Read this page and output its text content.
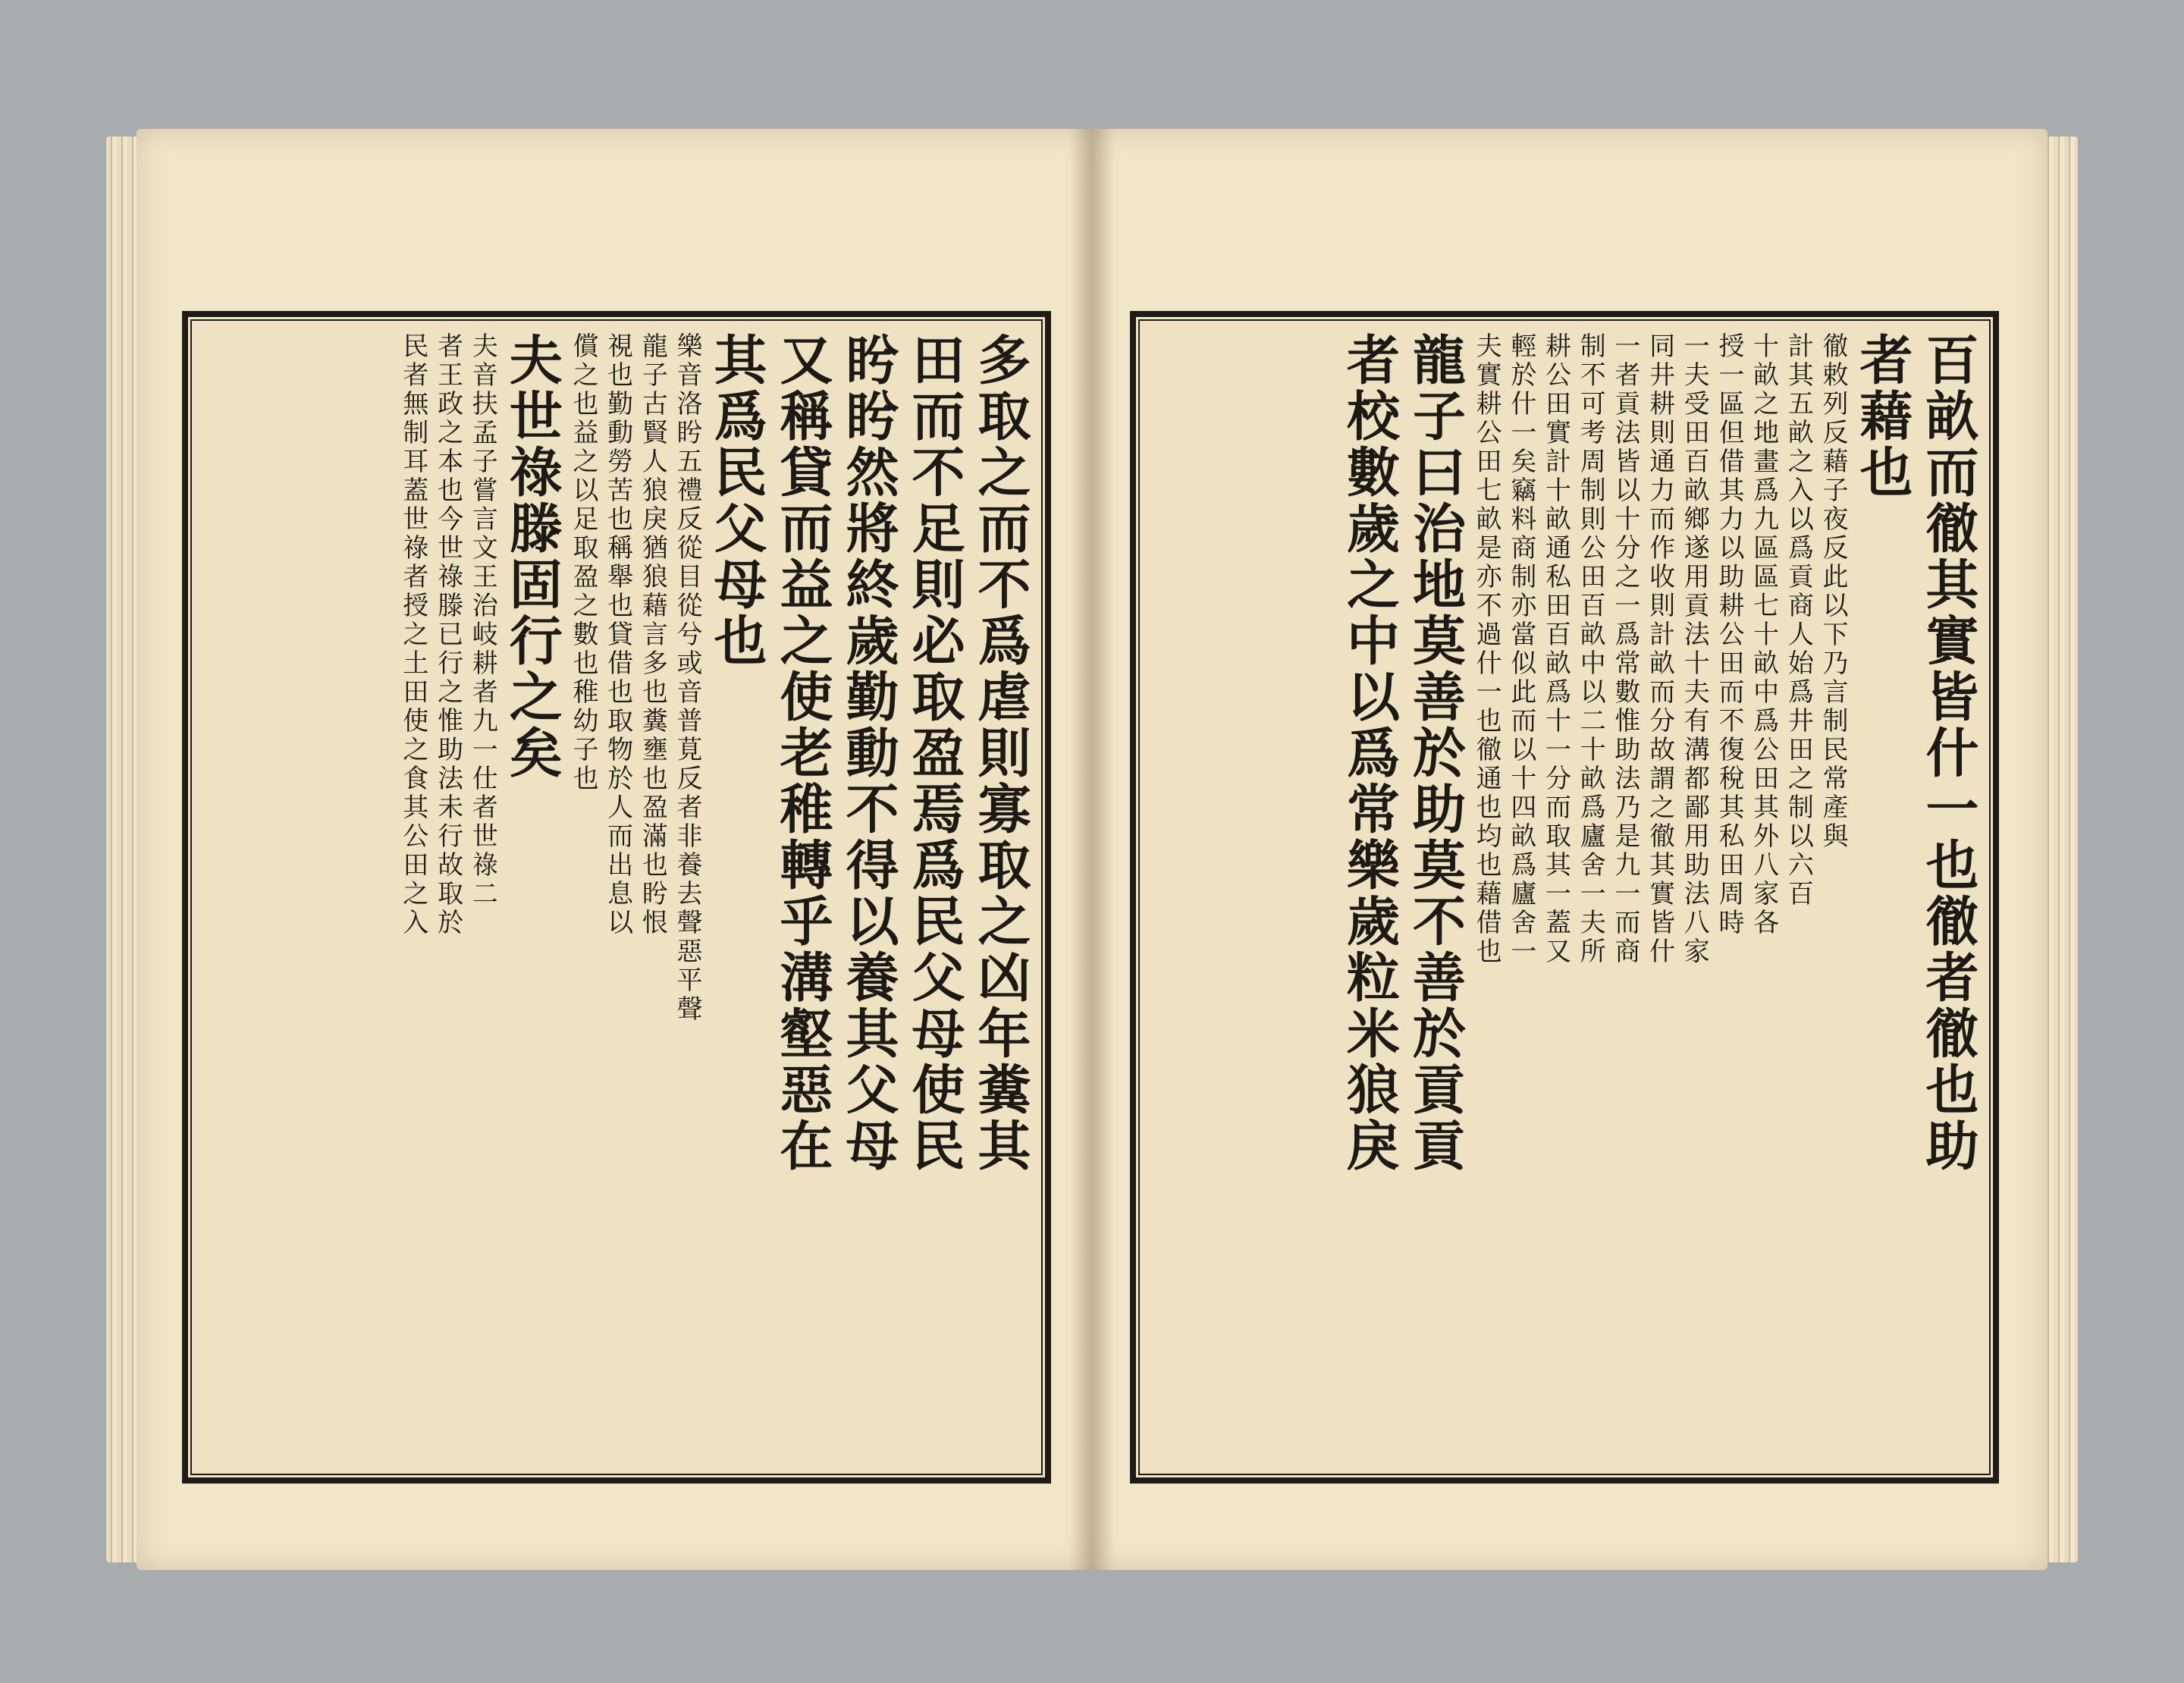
多取之而不爲虐則寡取之凶年糞其
田而不足則必取盈焉爲民父母使民
盻盻然將終歲勤動不得以養其父母
又稱貸而益之使老稚轉乎溝壑惡在
其爲民父母也
樂音洛盻五禮反從目從兮或音普莧反者非養去聲惡平聲
龍子古賢人狼戾猶狼藉言多也糞壅也盈滿也盻恨
視也勤動勞苦也稱舉也貸借也取物於人而出息以
償之也益之以足取盈之數也稚幼子也
夫世祿滕固行之矣
夫音扶孟子嘗言文王治岐耕者九一仕者世祿二
者王政之本也今世祿滕已行之惟助法未行故取於
民者無制耳蓋世祿者授之土田使之食其公田之入	百畝而徹其實皆什一也徹者徹也助
者藉也
徹敕列反藉子夜反此以下乃言制民常產與
計其五畝之入以爲貢商人始爲井田之制以六百
十畝之地畫爲九區區七十畝中爲公田其外八家各
授一區但借其力以助耕公田而不復稅其私田周時
一夫受田百畝鄉遂用貢法十夫有溝都鄙用助法八家
同井耕則通力而作收則計畝而分故謂之徹其實皆什
一者貢法皆以十分之一爲常數惟助法乃是九一而商
制不可考周制則公田百畝中以二十畝爲廬舍一夫所
耕公田實計十畝通私田百畝爲十一分而取其一蓋又
輕於什一矣竊料商制亦當似此而以十四畝爲廬舍一
夫實耕公田七畝是亦不過什一也徹通也均也藉借也
龍子曰治地莫善於助莫不善於貢貢
者校數歲之中以爲常樂歲粒米狼戾
